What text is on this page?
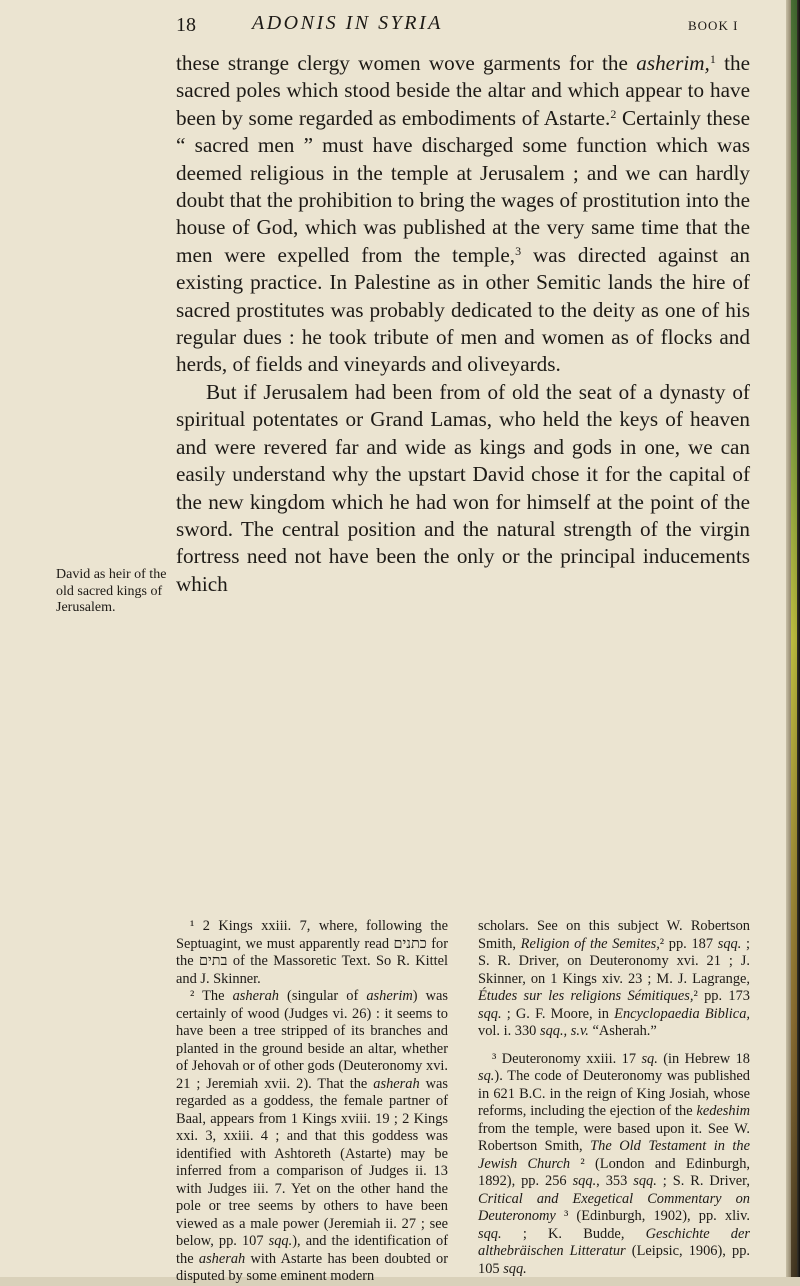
18	ADONIS IN SYRIA	BOOK I

these strange clergy women wove garments for the asherim,$^1$ the sacred poles which stood beside the altar and which appear to have been by some regarded as embodiments of Astarte.$^2$ Certainly these “ sacred men ” must have discharged some function which was deemed religious in the temple at Jerusalem ; and we can hardly doubt that the prohibition to bring the wages of prostitution into the house of God, which was published at the very same time that the men were expelled from the temple,$^3$ was directed against an existing practice. In Palestine as in other Semitic lands the hire of sacred prostitutes was probably dedicated to the deity as one of his regular dues : he took tribute of men and women as of flocks and herds, of fields and vineyards and oliveyards.

But if Jerusalem had been from of old the seat of a dynasty of spiritual potentates or Grand Lamas, who held the keys of heaven and were revered far and wide as kings and gods in one, we can easily understand why the upstart David chose it for the capital of the new kingdom which he had won for himself at the point of the sword. The central position and the natural strength of the virgin fortress need not have been the only or the principal inducements which

David as heir of the old sacred kings of Jerusalem.

¹ 2 Kings xxiii. 7, where, following the Septuagint, we must apparently read כתנים for the בתים of the Massoretic Text. So R. Kittel and J. Skinner.

² The asherah (singular of asherim) was certainly of wood (Judges vi. 26) : it seems to have been a tree stripped of its branches and planted in the ground beside an altar, whether of Jehovah or of other gods (Deuteronomy xvi. 21 ; Jeremiah xvii. 2). That the asherah was regarded as a goddess, the female partner of Baal, appears from 1 Kings xviii. 19 ; 2 Kings xxi. 3, xxiii. 4 ; and that this goddess was identified with Ashtoreth (Astarte) may be inferred from a comparison of Judges ii. 13 with Judges iii. 7. Yet on the other hand the pole or tree seems by others to have been viewed as a male power (Jeremiah ii. 27 ; see below, pp. 107 sqq.), and the identification of the asherah with Astarte has been doubted or disputed by some eminent modern

scholars. See on this subject W. Robertson Smith, Religion of the Semites,² pp. 187 sqq. ; S. R. Driver, on Deuteronomy xvi. 21 ; J. Skinner, on 1 Kings xiv. 23 ; M. J. Lagrange, Études sur les religions Sémitiques,² pp. 173 sqq. ; G. F. Moore, in Encyclopaedia Biblica, vol. i. 330 sqq., s.v. “Asherah.”

³ Deuteronomy xxiii. 17 sq. (in Hebrew 18 sq.). The code of Deuteronomy was published in 621 B.C. in the reign of King Josiah, whose reforms, including the ejection of the kedeshim from the temple, were based upon it. See W. Robertson Smith, The Old Testament in the Jewish Church ² (London and Edinburgh, 1892), pp. 256 sqq., 353 sqq. ; S. R. Driver, Critical and Exegetical Commentary on Deuteronomy ³ (Edinburgh, 1902), pp. xliv. sqq. ; K. Budde, Geschichte der althebräischen Litteratur (Leipsic, 1906), pp. 105 sqq.
